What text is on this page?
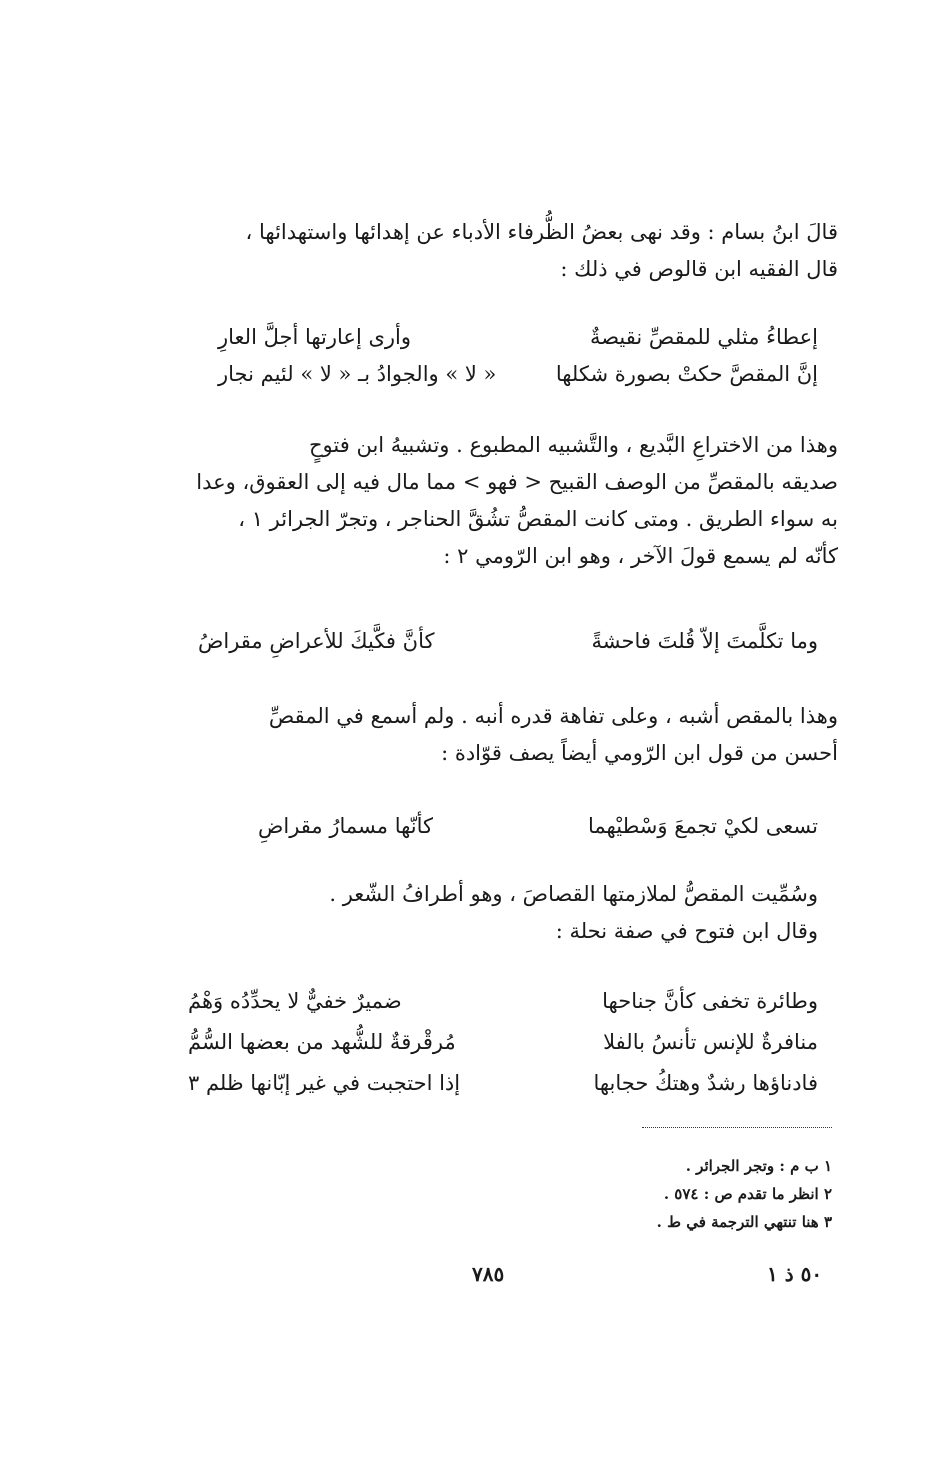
قالَ ابنُ بسام : وقد نهى بعضُ الظُّرفاء الأدباء عن إهدائها واستهدائها ،

قال الفقيه ابن قالوص في ذلك :

إعطاءُ مثلي للمقصِّ نقيصةٌ
وأرى إعارتها أجلَّ العارِ
إنَّ المقصَّ حكتْ بصورة شكلها
« لا » والجوادُ بـ « لا » لئيم نجار

وهذا من الاختراعِ البَّديع ، والتَّشبيه المطبوع . وتشبيهُ ابن فتوحٍ

صديقه بالمقصِّ من الوصف القبيح < فهو > مما مال فيه إلى العقوق، وعدا

به سواء الطريق . ومتى كانت المقصُّ تشُقَّ الحناجر ، وتجرّ الجرائر ١ ،

كأنّه لم يسمع قولَ الآخر ، وهو ابن الرّومي ٢ :

وما تكلَّمتَ إلاّ قُلتَ فاحشةً
كأنَّ فكَّيكَ للأعراضِ مقراضُ

وهذا بالمقص أشبه ، وعلى تفاهة قدره أنبه . ولم أسمع في المقصِّ

أحسن من قول ابن الرّومي أيضاً يصف قوّادة :

تسعى لكيْ تجمعَ وَسْطيْهما
كأنّها مسمارُ مقراضِ

وسُمِّيت المقصُّ لملازمتها القصاصَ ، وهو أطرافُ الشّعر .

وقال ابن فتوح في صفة نحلة :

وطائرة تخفى كأنَّ جناحها
ضميرٌ خفيٌّ لا يحدِّدُه وَهْمُ
منافرةٌ للإنس تأنسُ بالفلا
مُرقْرقةٌ للشُّهد من بعضها السُّمُّ
فادناؤها رشدٌ وهتكُ حجابها
إذا احتجبت في غير إبّانها ظلم ٣
١ ب م : وتجر الجرائر .
٢ انظر ما تقدم ص : ٥٧٤ .
٣ هنا تنتهي الترجمة في ط .
٧٨٥	٥٠ ذ ١
